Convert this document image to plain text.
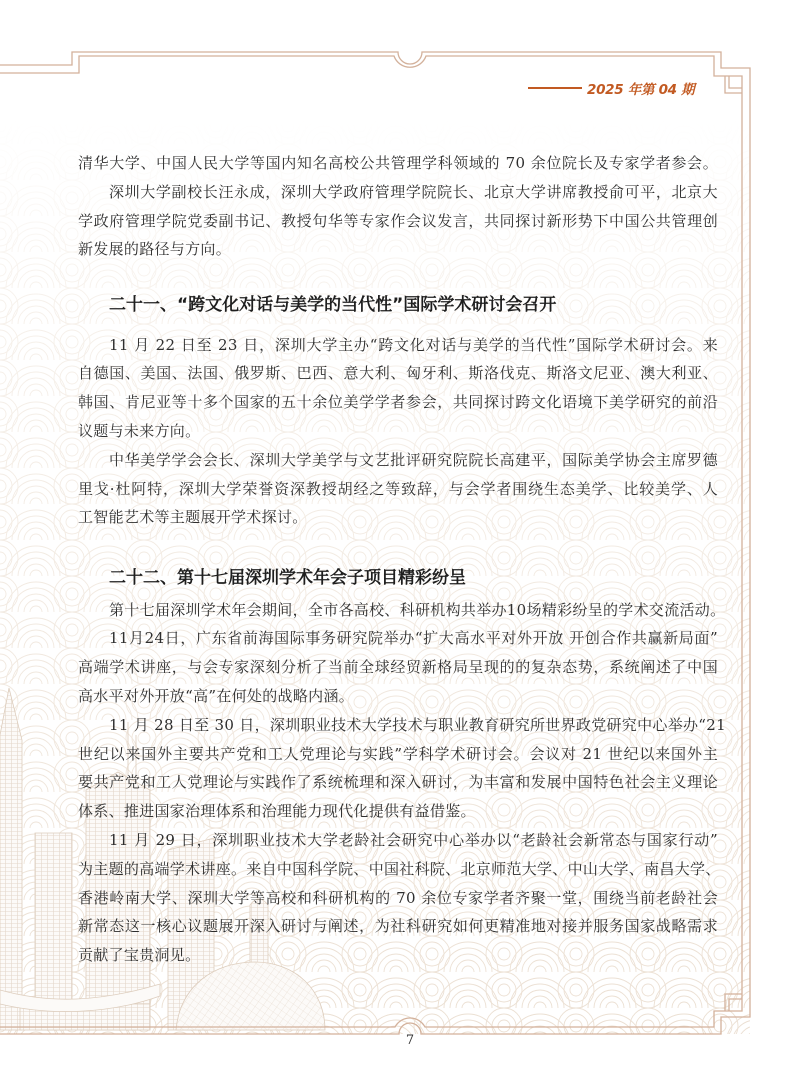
2025 年第 04 期
清华大学、中国人民大学等国内知名高校公共管理学科领域的 70 余位院长及专家学者参会。
深圳大学副校长汪永成，深圳大学政府管理学院院长、北京大学讲席教授俞可平，北京大
学政府管理学院党委副书记、教授句华等专家作会议发言，共同探讨新形势下中国公共管理创
新发展的路径与方向。
二十一、“跨文化对话与美学的当代性”国际学术研讨会召开
11 月 22 日至 23 日，深圳大学主办“跨文化对话与美学的当代性”国际学术研讨会。来
自德国、美国、法国、俄罗斯、巴西、意大利、匈牙利、斯洛伐克、斯洛文尼亚、澳大利亚、
韩国、肯尼亚等十多个国家的五十余位美学学者参会，共同探讨跨文化语境下美学研究的前沿
议题与未来方向。
中华美学学会会长、深圳大学美学与文艺批评研究院院长高建平，国际美学协会主席罗德
里戈·杜阿特，深圳大学荣誉资深教授胡经之等致辞，与会学者围绕生态美学、比较美学、人
工智能艺术等主题展开学术探讨。
二十二、第十七届深圳学术年会子项目精彩纷呈
第十七届深圳学术年会期间，全市各高校、科研机构共举办10场精彩纷呈的学术交流活动。
11月24日，广东省前海国际事务研究院举办“扩大高水平对外开放 开创合作共赢新局面”
高端学术讲座，与会专家深刻分析了当前全球经贸新格局呈现的的复杂态势，系统阐述了中国
高水平对外开放“高”在何处的战略内涵。
11 月 28 日至 30 日，深圳职业技术大学技术与职业教育研究所世界政党研究中心举办“21
世纪以来国外主要共产党和工人党理论与实践”学科学术研讨会。会议对 21 世纪以来国外主
要共产党和工人党理论与实践作了系统梳理和深入研讨，为丰富和发展中国特色社会主义理论
体系、推进国家治理体系和治理能力现代化提供有益借鉴。
11 月 29 日，深圳职业技术大学老龄社会研究中心举办以“老龄社会新常态与国家行动”
为主题的高端学术讲座。来自中国科学院、中国社科院、北京师范大学、中山大学、南昌大学、
香港岭南大学、深圳大学等高校和科研机构的 70 余位专家学者齐聚一堂，围绕当前老龄社会
新常态这一核心议题展开深入研讨与阐述，为社科研究如何更精准地对接并服务国家战略需求
贡献了宝贵洞见。
7
